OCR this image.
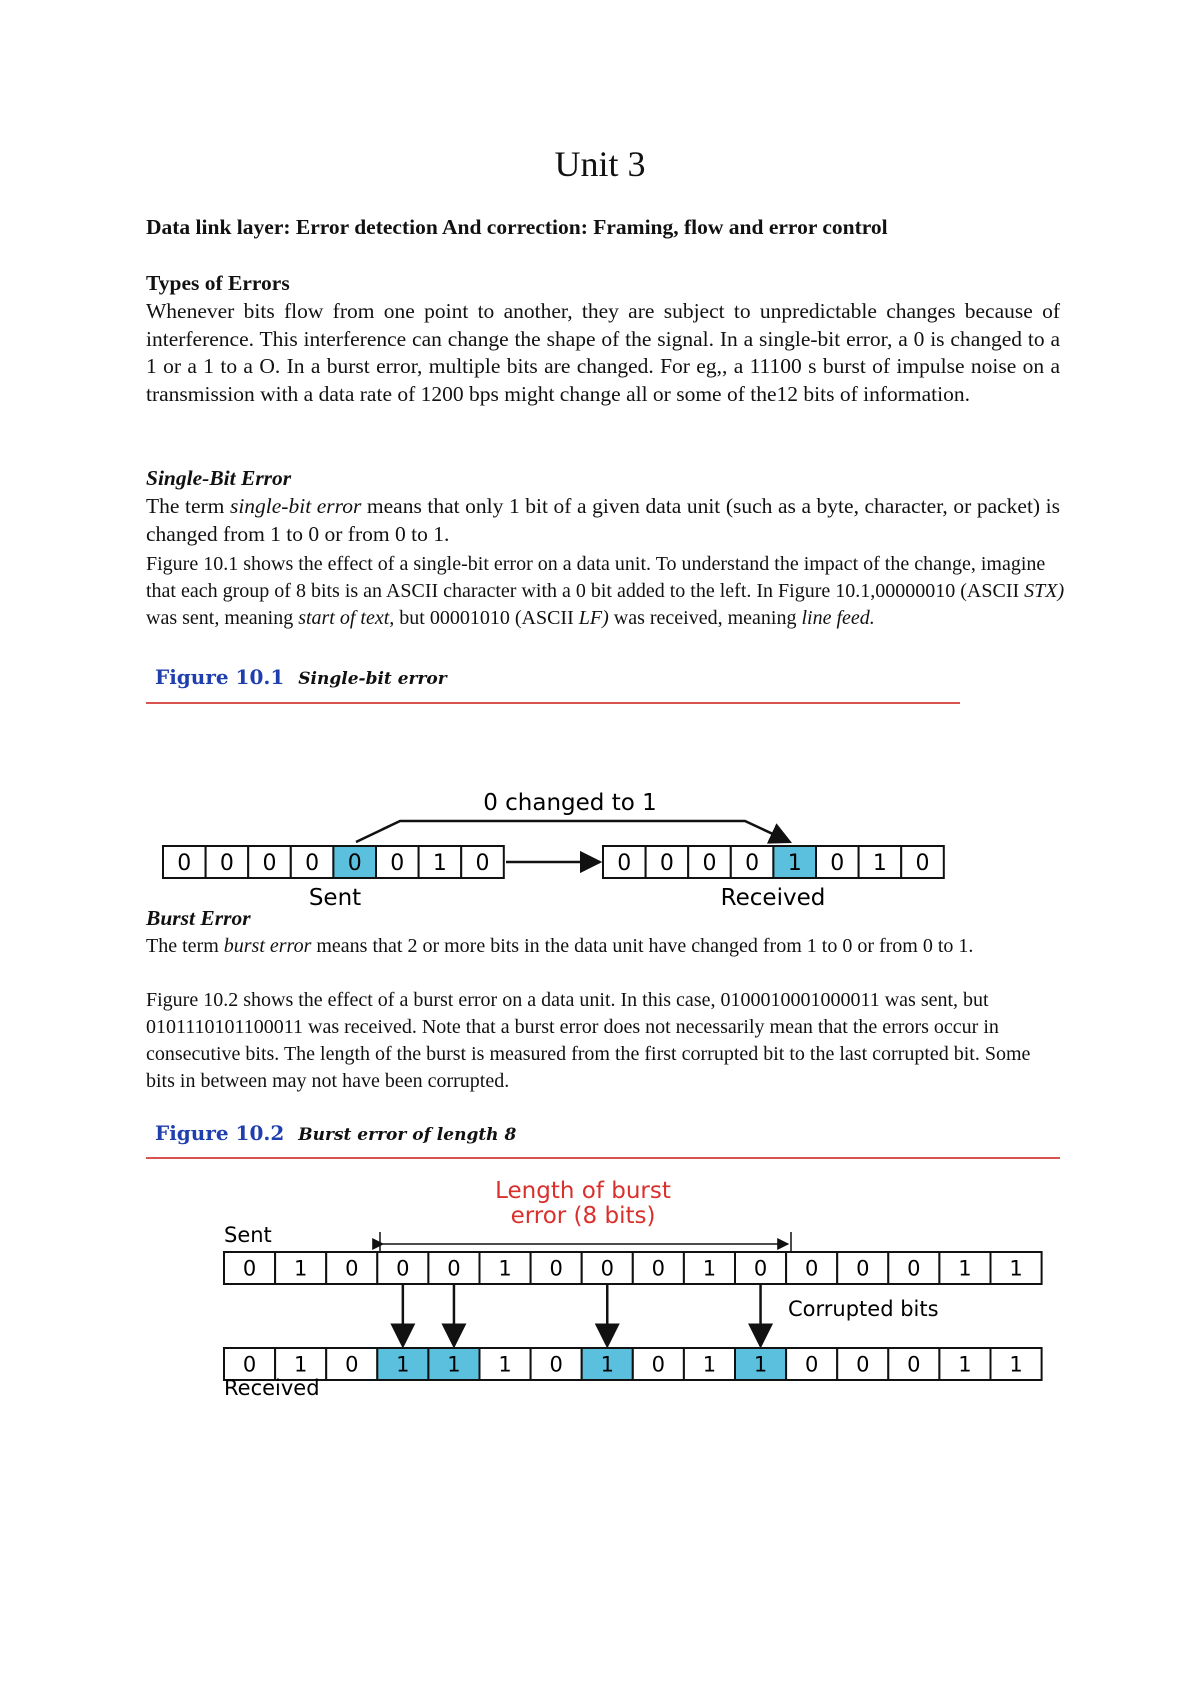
Unit 3
Data link layer: Error detection And correction: Framing, flow and error control
Types of Errors
Whenever bits flow from one point to another, they are subject to unpredictable changes because of interference. This interference can change the shape of the signal. In a single-bit error, a 0 is changed to a 1 or a 1 to a O. In a burst error, multiple bits are changed. For eg,, a 11100 s burst of impulse noise on a transmission with a data rate of 1200 bps might change all or some of the12 bits of information.
Single-Bit Error
The term single-bit error means that only 1 bit of a given data unit (such as a byte, character, or packet) is changed from 1 to 0 or from 0 to 1.
Figure 10.1 shows the effect of a single-bit error on a data unit. To understand the impact of the change, imagine that each group of 8 bits is an ASCII character with a 0 bit added to the left. In Figure 10.1,00000010 (ASCII STX) was sent, meaning start of text, but 00001010 (ASCII LF) was received, meaning line feed.
Figure 10.1 Single-bit error
0 changed to 1
0 0 0 0 0 0 1 0	0 0 0 0 1 0 1 0
Sent	Received
Burst Error
The term burst error means that 2 or more bits in the data unit have changed from 1 to 0 or from 0 to 1.
Figure 10.2 shows the effect of a burst error on a data unit. In this case, 0100010001000011 was sent, but 0101110101100011 was received. Note that a burst error does not necessarily mean that the errors occur in consecutive bits. The length of the burst is measured from the first corrupted bit to the last corrupted bit. Some bits in between may not have been corrupted.
Figure 10.2 Burst error of length 8
Length of burst
error (8 bits)
Sent
0 1 0 0 0 1 0 0 0 1 0 0 0 0 1 1
Corrupted bits
0 1 0 1 1 1 0 1 0 1 1 0 0 0 1 1
Received
